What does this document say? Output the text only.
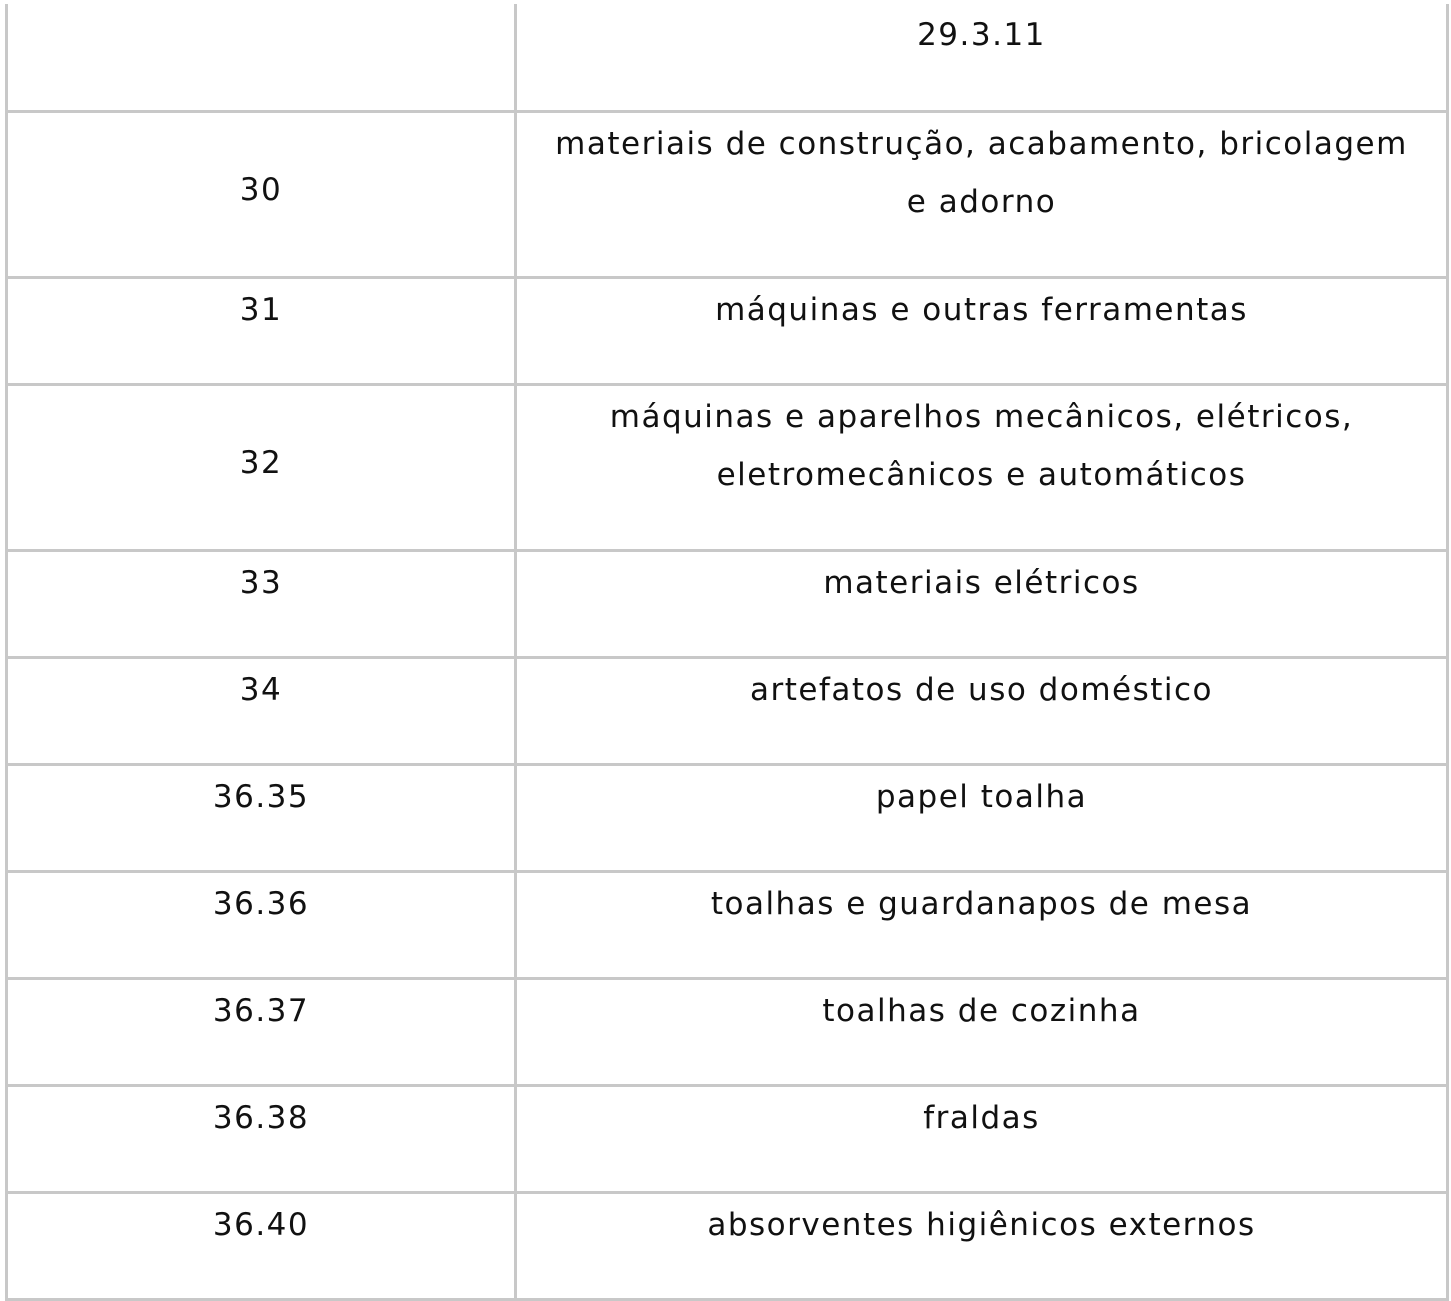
	29.3.11
30	materiais de construção, acabamento, bricolagem e adorno
31	máquinas e outras ferramentas
32	máquinas e aparelhos mecânicos, elétricos, eletromecânicos e automáticos
33	materiais elétricos
34	artefatos de uso doméstico
36.35	papel toalha
36.36	toalhas e guardanapos de mesa
36.37	toalhas de cozinha
36.38	fraldas
36.40	absorventes higiênicos externos
